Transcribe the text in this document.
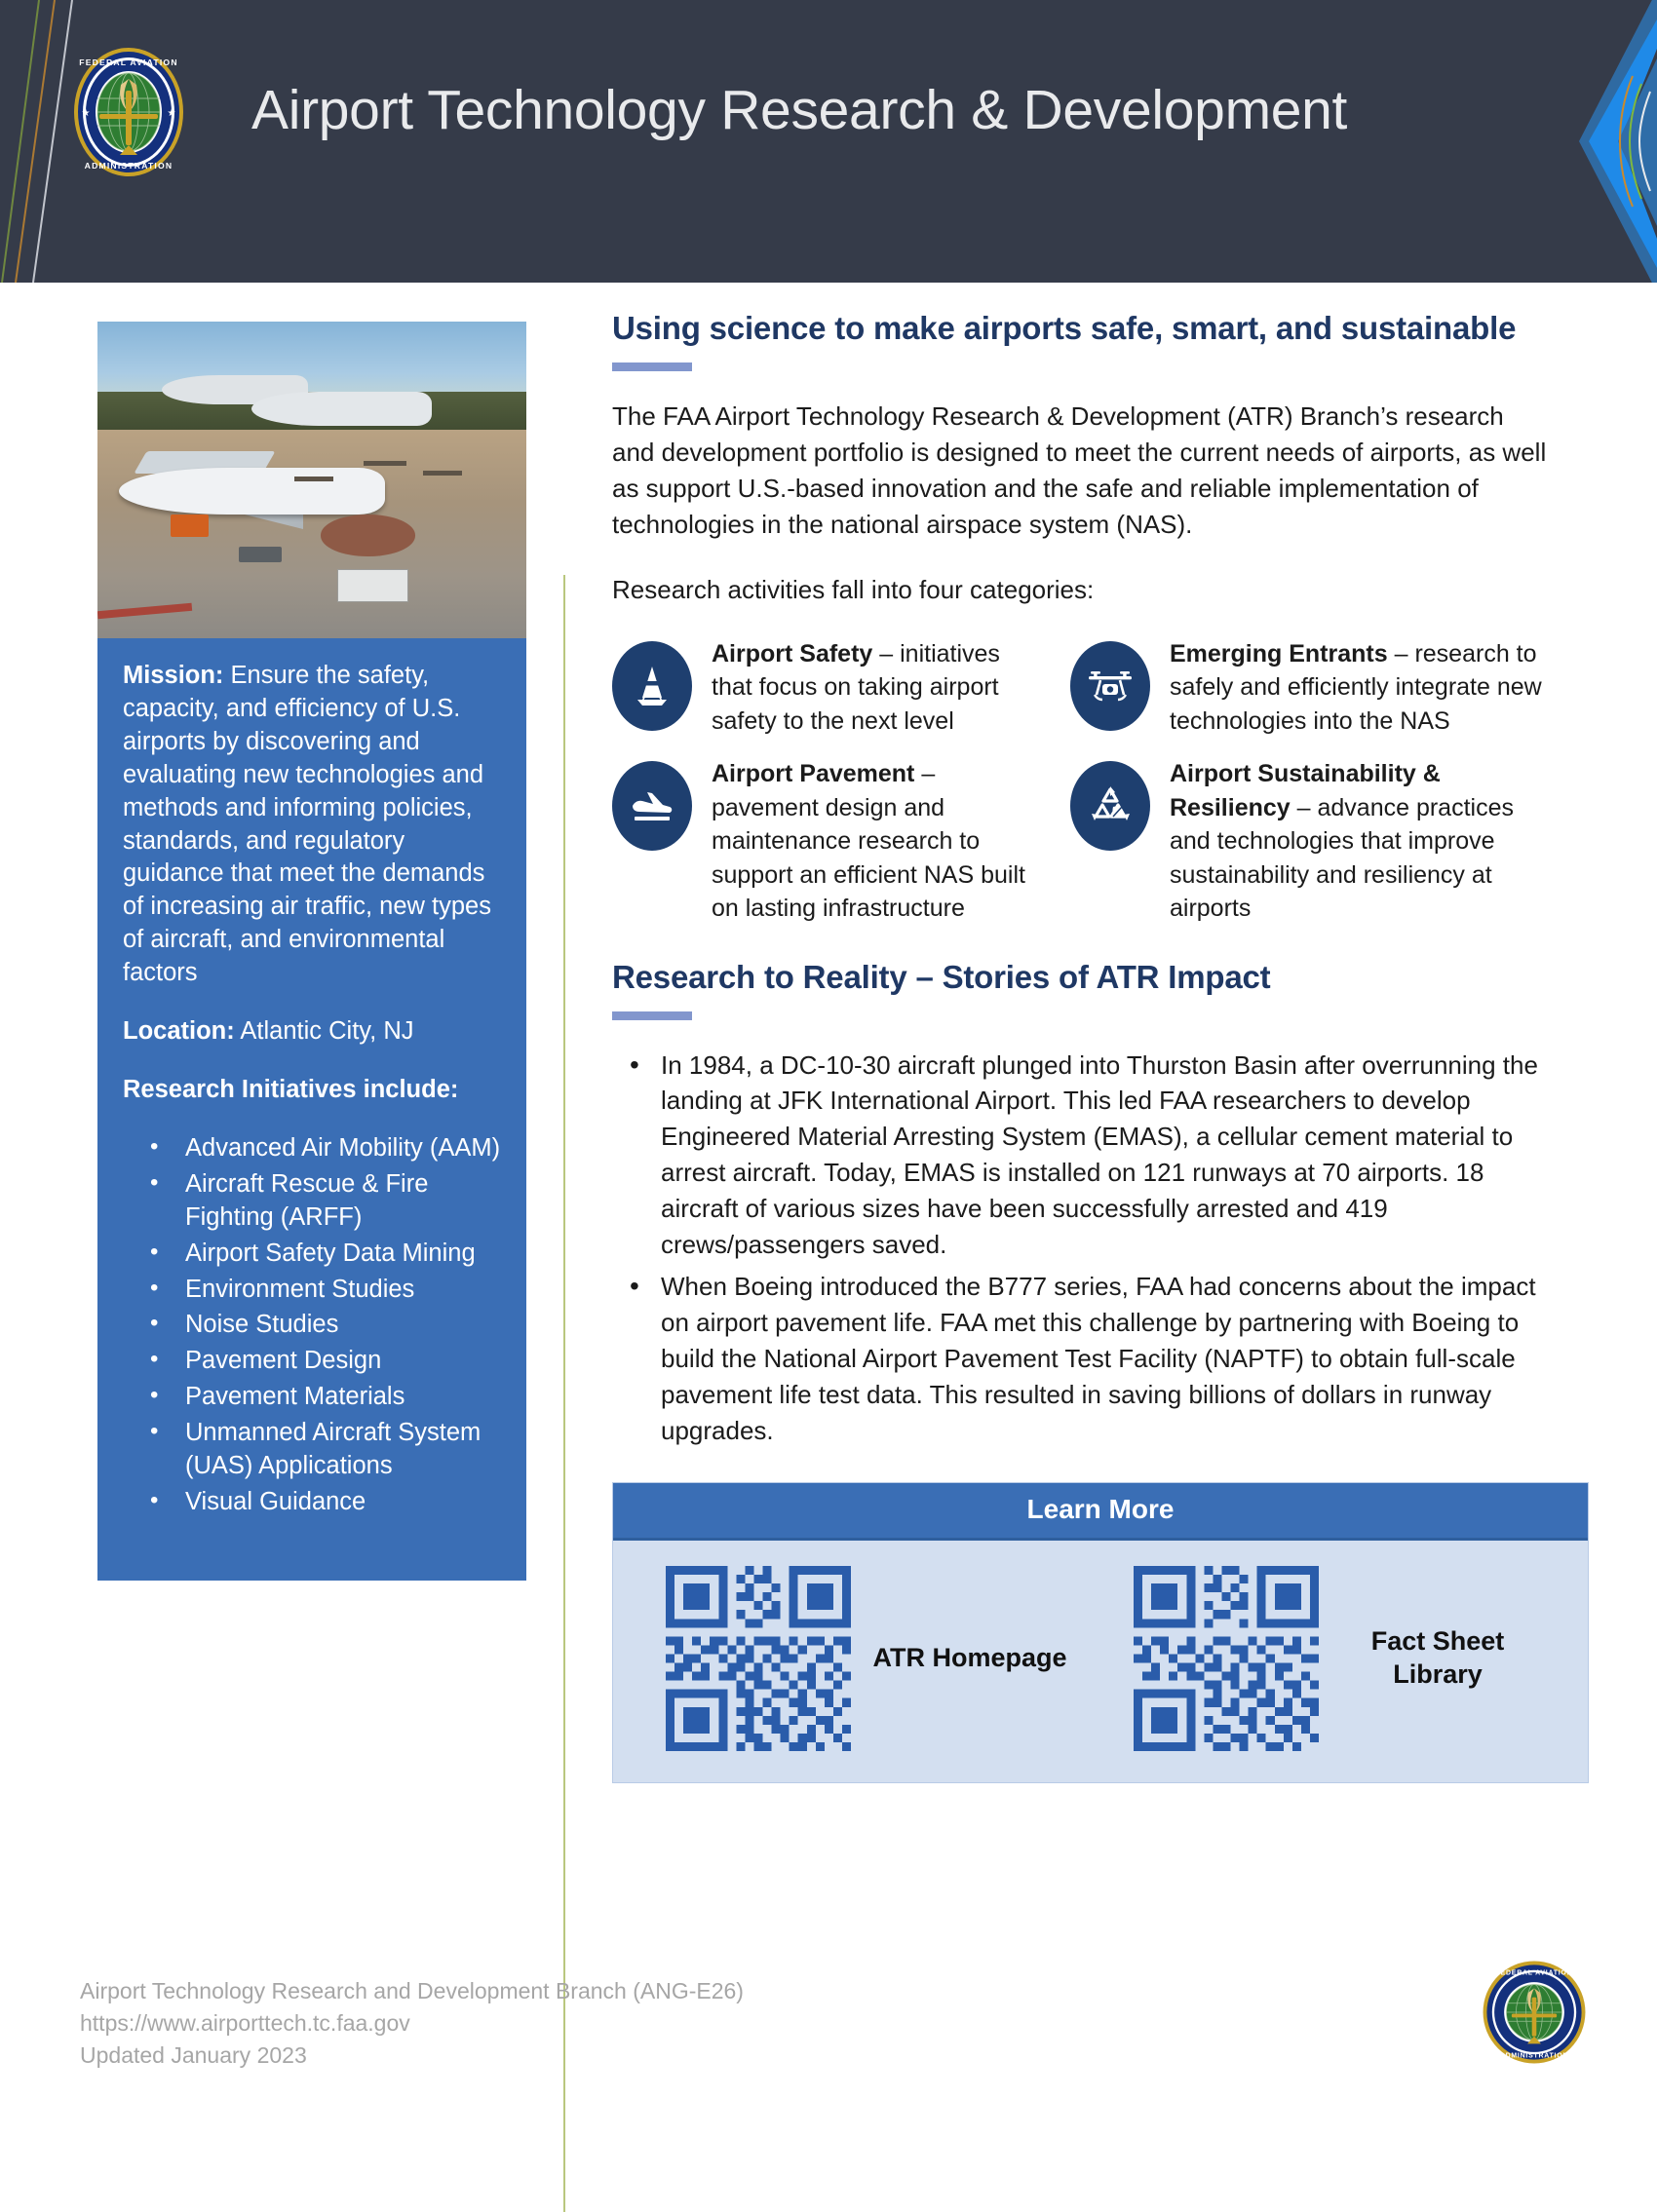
FEDERAL AVIATION
ADMINISTRATION
★	★ Airport Technology Research & Development

Mission: Ensure the safety, capacity, and efficiency of U.S. airports by discovering and evaluating new technologies and methods and informing policies, standards, and regulatory guidance that meet the demands of increasing air traffic, new types of aircraft, and environmental factors

Location: Atlantic City, NJ

Research Initiatives include:

• Advanced Air Mobility (AAM)
• Aircraft Rescue & Fire Fighting (ARFF)
• Airport Safety Data Mining
• Environment Studies
• Noise Studies
• Pavement Design
• Pavement Materials
• Unmanned Aircraft System (UAS) Applications
• Visual Guidance
Using science to make airports safe, smart, and sustainable

The FAA Airport Technology Research & Development (ATR) Branch’s research and development portfolio is designed to meet the current needs of airports, as well as support U.S.-based innovation and the safe and reliable implementation of technologies in the national airspace system (NAS).

Research activities fall into four categories:

Airport Safety – initiatives that focus on taking airport safety to the next level
Emerging Entrants – research to safely and efficiently integrate new technologies into the NAS
Airport Pavement – pavement design and maintenance research to support an efficient NAS built on lasting infrastructure
Airport Sustainability & Resiliency – advance practices and technologies that improve sustainability and resiliency at airports
Research to Reality – Stories of ATR Impact
• In 1984, a DC-10-30 aircraft plunged into Thurston Basin after overrunning the landing at JFK International Airport. This led FAA researchers to develop Engineered Material Arresting System (EMAS), a cellular cement material to arrest aircraft. Today, EMAS is installed on 121 runways at 70 airports. 18 aircraft of various sizes have been successfully arrested and 419 crews/passengers saved.
• When Boeing introduced the B777 series, FAA had concerns about the impact on airport pavement life. FAA met this challenge by partnering with Boeing to build the National Airport Pavement Test Facility (NAPTF) to obtain full-scale pavement life test data. This resulted in saving billions of dollars in runway upgrades.
Learn More
ATR Homepage
Fact Sheet Library
Airport Technology Research and Development Branch (ANG-E26)
https://www.airporttech.tc.faa.gov
Updated January 2023
FEDERAL AVIATION
ADMINISTRATION
